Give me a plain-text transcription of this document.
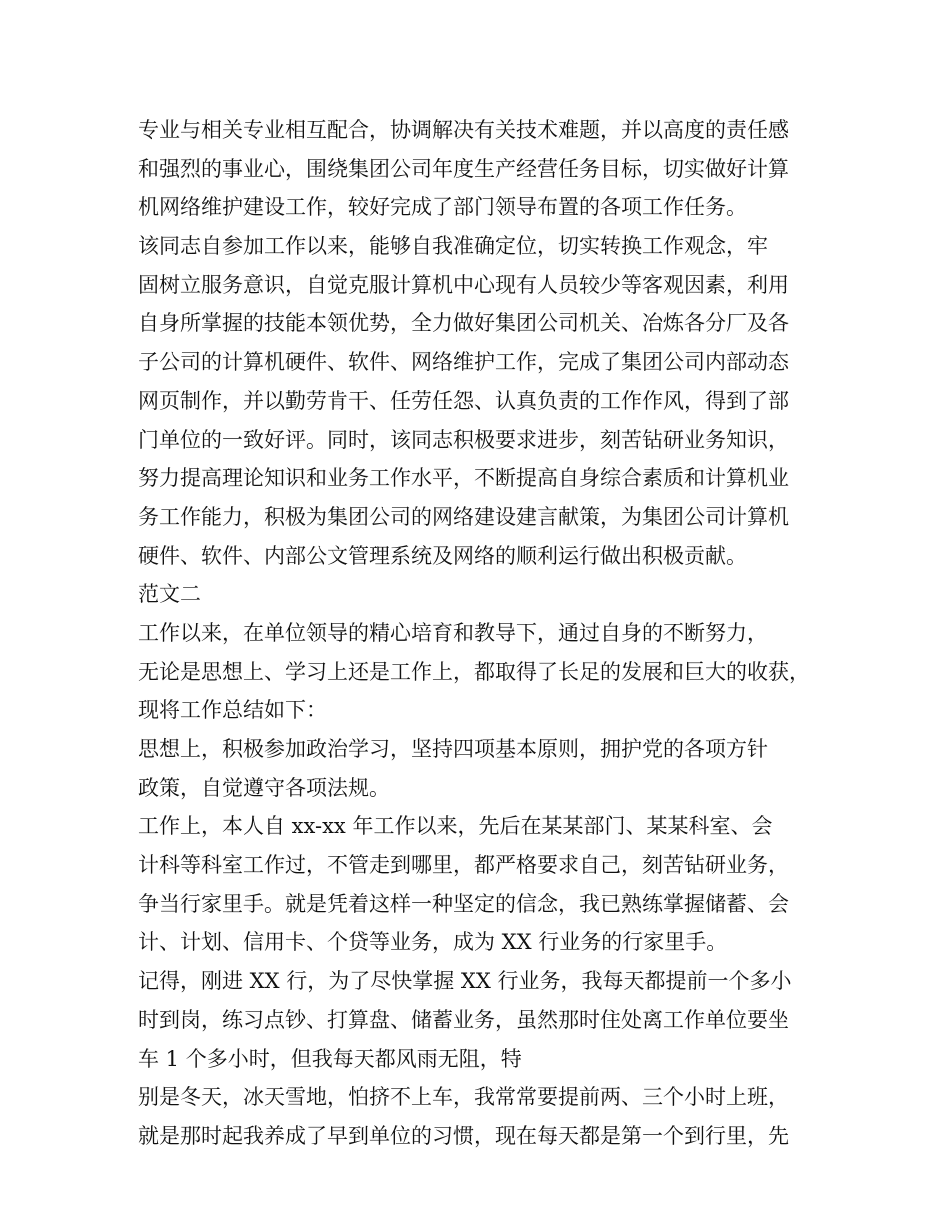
专业与相关专业相互配合，协调解决有关技术难题，并以高度的责任感
和强烈的事业心，围绕集团公司年度生产经营任务目标，切实做好计算
机网络维护建设工作，较好完成了部门领导布置的各项工作任务。
该同志自参加工作以来，能够自我准确定位，切实转换工作观念，牢
固树立服务意识，自觉克服计算机中心现有人员较少等客观因素，利用
自身所掌握的技能本领优势，全力做好集团公司机关、冶炼各分厂及各
子公司的计算机硬件、软件、网络维护工作，完成了集团公司内部动态
网页制作，并以勤劳肯干、任劳任怨、认真负责的工作作风，得到了部
门单位的一致好评。同时，该同志积极要求进步，刻苦钻研业务知识，
努力提高理论知识和业务工作水平，不断提高自身综合素质和计算机业
务工作能力，积极为集团公司的网络建设建言献策，为集团公司计算机
硬件、软件、内部公文管理系统及网络的顺利运行做出积极贡献。
范文二
工作以来，在单位领导的精心培育和教导下，通过自身的不断努力，
无论是思想上、学习上还是工作上，都取得了长足的发展和巨大的收获，
现将工作总结如下：
思想上，积极参加政治学习，坚持四项基本原则，拥护党的各项方针
政策，自觉遵守各项法规。
工作上，本人自 xx-xx 年工作以来，先后在某某部门、某某科室、会
计科等科室工作过，不管走到哪里，都严格要求自己，刻苦钻研业务，
争当行家里手。就是凭着这样一种坚定的信念，我已熟练掌握储蓄、会
计、计划、信用卡、个贷等业务，成为 XX 行业务的行家里手。
记得，刚进 XX 行，为了尽快掌握 XX 行业务，我每天都提前一个多小
时到岗，练习点钞、打算盘、储蓄业务，虽然那时住处离工作单位要坐
车 1 个多小时，但我每天都风雨无阻，特
别是冬天，冰天雪地，怕挤不上车，我常常要提前两、三个小时上班，
就是那时起我养成了早到单位的习惯，现在每天都是第一个到行里，先
